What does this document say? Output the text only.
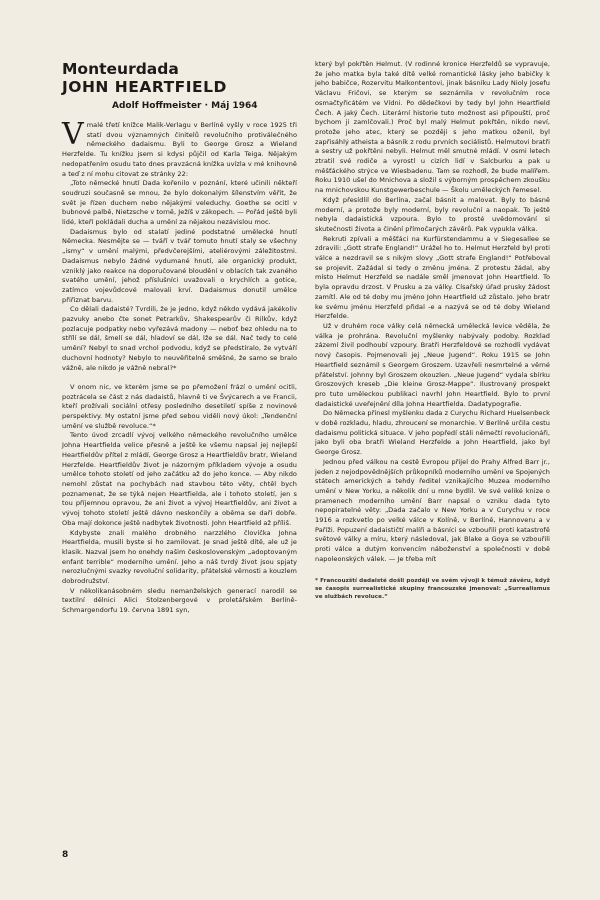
Monteurdada
JOHN HEARTFIELD
Adolf Hoffmeister · Máj 1964

Vmalé třetí knížce Malik-Verlagu v Berlíně vyšly v roce 1925 tři statí dvou významných činitelů revolučního protiválečného německého dadaismu. Byli to George Grosz a Wieland Herzfelde. Tu knížku jsem si kdysi půjčil od Karla Teiga. Nějakým nedopatřením osudu tato dnes pravzácná knížka uvízla v mé knihovně a teď z ní mohu citovat ze stránky 22:

„Toto německé hnutí Dada kořenilo v poznání, které učinili někteří soudruzi současně se mnou, že bylo dokonalým šílenstvím věřit, že svět je řízen duchem nebo nějakými veleduchy. Goethe se ocitl v bubnové palbě, Nietzsche v torně, Ježíš v zákopech. — Pořád ještě byli lidé, kteří pokládali ducha a umění za nějakou nezávislou moc.

Dadaismus bylo od stalatí jediné podstatné umělecké hnutí Německa. Nesmějte se — tváří v tvář tomuto hnutí staly se všechny „ismy“ v umění malými, předvčerejšími, ateliérovými záležitostmi. Dadaismus nebylo žádné vydumané hnutí, ale organický produkt, vzniklý jako reakce na doporučované bloudění v oblacích tak zvaného svatého umění, jehož příslušníci uvažovali o krychlích a gotice, zatímco vojevůdcové malovali krví. Dadaismus donutil umělce přiřiznat barvu.

Co dělali dadaisté? Tvrdili, že je jedno, když někdo vydává jakékoliv pazvuky anebo čte sonet Petrarkův, Shakespearův či Rilkův, když pozlacuje podpatky nebo vyřezává madony — neboť bez ohledu na to střílí se dál, šmelí se dál, hladoví se dál, lže se dál. Nač tedy to celé umění? Nebyl to snad vrchol podvodu, když se předstíralo, že vytváří duchovní hodnoty? Nebylo to neuvěřitelně směšné, že samo se bralo vážně, ale nikdo je vážně nebral?*

V onom nic, ve kterém jsme se po přemožení frází o umění ocitli, poztrácela se část z nás dadaistů, hlavně ti ve Švýcarech a ve Francii, kteří prožívali sociální otřesy posledního desetiletí spíše z novinové perspektivy. My ostatní jsme před sebou viděli nový úkol: „Tendenční umění ve službě revoluce.“*

Tento úvod zrcadlí vývoj velkého německého revolučního umělce Johna Heartfielda velice přesně a ještě ke všemu napsal jej nejlepší Heartfieldův přítel z mládí, George Grosz a Heartfieldův bratr, Wieland Herzfelde. Heartfieldův život je názorným příkladem vývoje a osudu umělce tohoto století od jeho začátku až do jeho konce. — Aby nikdo nemohl zůstat na pochybách nad stavbou této věty, chtěl bych poznamenat, že se týká nejen Heartfielda, ale i tohoto století, jen s tou příjemnou opravou, že ani život a vývoj Heartfieldův, ani život a vývoj tohoto století ještě dávno neskončily a oběma se daří dobře. Oba mají dokonce ještě nadbytek životnosti. John Heartfield až příliš.

Kdybyste znali malého drobného narzzlého človíčka Johna Heartfielda, musili byste si ho zamilovat. Je snad ještě dítě, ale už je klasik. Nazval jsem ho onehdy našim československým „adoptovaným enfant terrible“ moderního umění. Jeho a náš tvrdý život jsou spjaty nerozlučnými svazky revoluční solidarity, přátelské věrnosti a kouzlem dobrodružství.

V několikanásobném sledu nemanželských generací narodil se textilní dělnici Alici Stolzenbergové v proletářském Berlíně-Schmargendorfu 19. června 1891 syn,

který byl pokřtěn Helmut. (V rodinné kronice Herzfeldů se vypravuje, že jeho matka byla také dítě velké romantické lásky jeho babičky k jeho babičce, Rozervitu Malkontentovi, jinak básníku Lady Nioly Josefu Václavu Fričovi, se kterým se seznámila v revolučním roce osmačtyřicátém ve Vídni. Po dědečkovi by tedy byl John Heartfield Čech. A jaký Čech. Literární historie tuto možnost asi připouští, proč bychom ji zamlčovali.) Proč byl malý Helmut pokřtěn, nikdo neví, protože jeho atec, který se později s jeho matkou oženil, byl zapřisáhlý atheista a básník z rodu prvních sociálistů. Helmutovi bratři a sestry už pokřtěni nebyli. Helmut měl smutné mládí. V osmi letech ztratil své rodiče a vyrostl u cizích lidí v Salcburku a pak u měšťáckého strýce ve Wiesbadenu. Tam se rozhodl, že bude malířem. Roku 1910 ušel do Mnichova a složil s výborným prospěchem zkoušku na mnichovskou Kunstgewerbeschule — Školu uměleckých řemesel.

Když přesídlil do Berlína, začal básnit a malovat. Byly to básně moderní, a protože byly moderní, byly revoluční a naopak. To ještě nebyla dadaistická vzpoura. Bylo to prosté uvědomování si skutečnosti života a činění přímočarých závěrů. Pak vypukla válka.

Rekruti zpívali a měšťáci na Kurfürstendammu a v Siegesallee se zdravili: „Gott strafe England!“ Urážel ho to. Helmut Herzfeld byl proti válce a nezdravil se s nikým slovy „Gott strafe England!“ Potřeboval se projevit. Zažádal si tedy o změnu jména. Z protestu žádal, aby místo Helmut Herzfeld se nadále směl jmenovat John Heartfield. To byla opravdu drzost. V Prusku a za války. Císařský úřad prusky žádost zamítl. Ale od té doby mu jméno John Heartfield už zůstalo. Jeho bratr ke svému jménu Herzfeld přidal -e a nazývá se od té doby Wieland Herzfelde.

Už v druhém roce války celá německá umělecká levice věděla, že válka je prohrána. Revoluční myšlenky nabývaly podoby. Rozklad zázemí živil podhoubí vzpoury. Bratři Herzfeldové se rozhodli vydávat nový časopis. Pojmenovali jej „Neue Jugend“. Roku 1915 se John Heartfield seznámil s Georgem Groszem. Uzavřeli nesmrtelné a věrné přátelství. Johnny byl Groszem okouzlen. „Neue Jugend“ vydala sbírku Groszových kreseb „Die kleine Grosz-Mappe“. Ilustrovaný prospekt pro tuto uměleckou publikaci navrhl John Heartfield. Bylo to první dadaistické uveřejnění díla Johna Heartfielda. Dadatypografie.

Do Německa přinesl myšlenku dada z Curychu Richard Huelsenbeck v době rozkladu, hladu, zhroucení se monarchie. V Berlíně určila cestu dadaismu politická situace. V jeho popředí stáli němečtí revolucionáři, jako byli oba bratři Wieland Herzfelde a John Heartfield, jako byl George Grosz.

Jednou před válkou na cestě Evropou přijel do Prahy Alfred Barr jr., jeden z nejodpovědnějších průkopníků moderního umění ve Spojených státech amerických a tehdy ředitel vznikajícího Muzea moderního umění v New Yorku, a několik dní u mne bydlil. Ve své veliké knize o pramenech moderního umění Barr napsal o vzniku dada tyto nepopiratelné věty: „Dada začalo v New Yorku a v Curychu v roce 1916 a rozkvetlo po velké válce v Kolíně, v Berlíně, Hannoveru a v Paříži. Popuzení dadaističtí malíři a básníci se vzbouřili proti katastrofě světové války a míru, který následoval, jak Blake a Goya se vzbouřili proti válce a dutým konvencím náboženství a společnosti v době napoleonských válek. — Je třeba mít

* Francouzští dadaisté došli později ve svém vývoji k témuž závěru, když se časopis surrealistické skupiny francouzské jmenoval: „Surrealismus ve službách revoluce.“

8
